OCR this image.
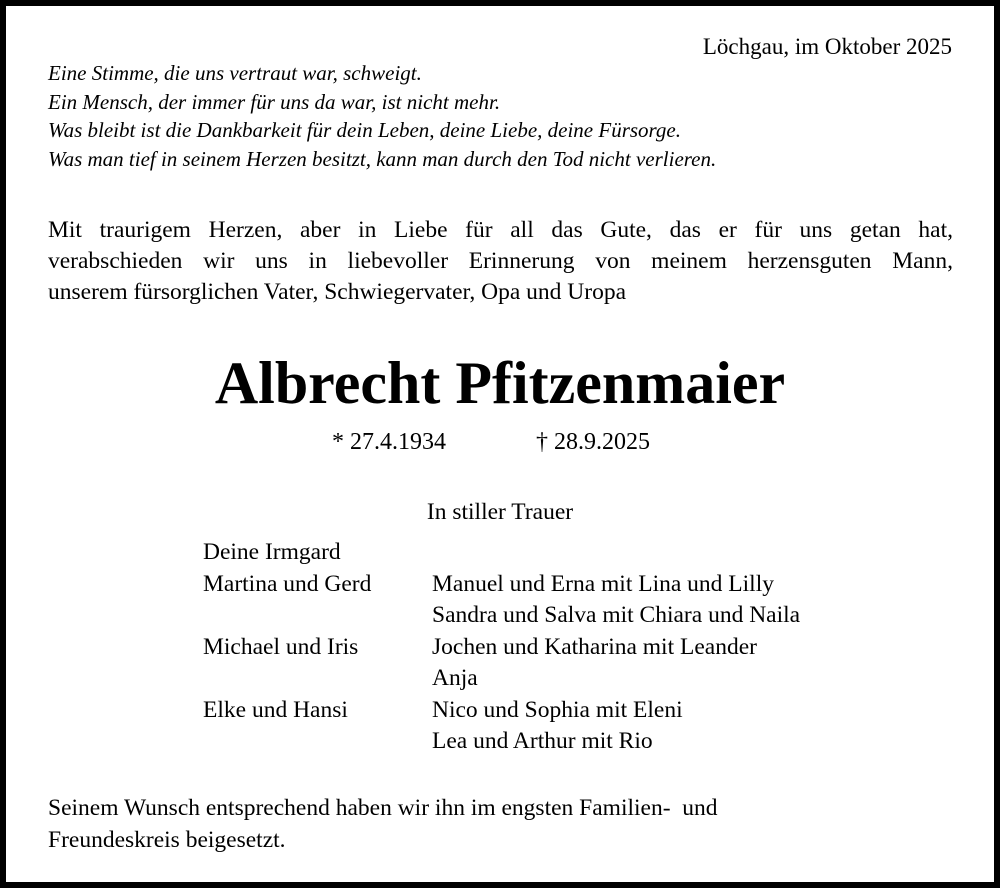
Löchgau, im Oktober 2025
Eine Stimme, die uns vertraut war, schweigt.
Ein Mensch, der immer für uns da war, ist nicht mehr.
Was bleibt ist die Dankbarkeit für dein Leben, deine Liebe, deine Fürsorge.
Was man tief in seinem Herzen besitzt, kann man durch den Tod nicht verlieren.
Mit traurigem Herzen, aber in Liebe für all das Gute, das er für uns getan hat,
verabschieden wir uns in liebevoller Erinnerung von meinem herzensguten Mann,
unserem fürsorglichen Vater, Schwiegervater, Opa und Uropa
Albrecht Pfitzenmaier
* 27.4.1934	† 28.9.2025
In stiller Trauer
Deine Irmgard
Martina und Gerd	Manuel und Erna mit Lina und Lilly
Sandra und Salva mit Chiara und Naila
Michael und Iris	Jochen und Katharina mit Leander
Anja
Elke und Hansi	Nico und Sophia mit Eleni
Lea und Arthur mit Rio
Seinem Wunsch entsprechend haben wir ihn im engsten Familien-  und
Freundeskreis beigesetzt.
